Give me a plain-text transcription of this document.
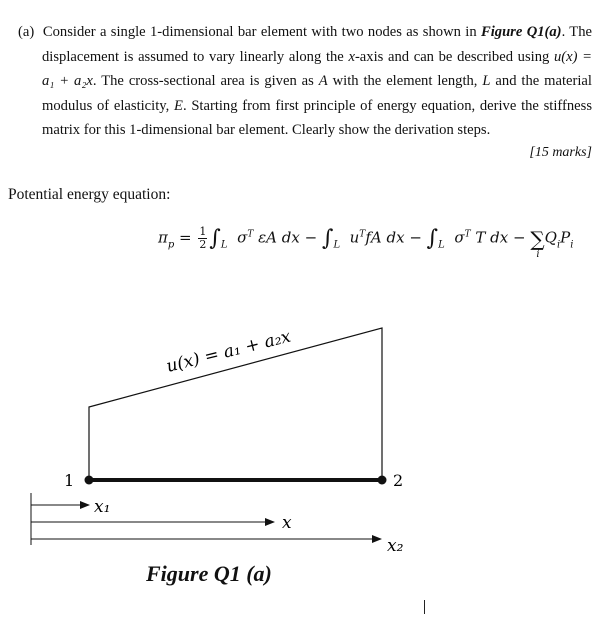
(a) Consider a single 1-dimensional bar element with two nodes as shown in Figure Q1(a). The displacement is assumed to vary linearly along the x-axis and can be described using u(x) = a₁ + a₂x. The cross-sectional area is given as A with the element length, L and the material modulus of elasticity, E. Starting from first principle of energy equation, derive the stiffness matrix for this 1-dimensional bar element. Clearly show the derivation steps.
[15 marks]
Potential energy equation:
$\pi_p = \frac{1}{2} \int_L$ $\sigma^T$ εA dx − $\int_L$ $u^TfA$ dx − $\int_L$ $\sigma^T$ T dx − ∑
i
$Q_iP_i$
u(x) = a₁ + a₂x
1	2
x₁
x
x₂
Figure Q1 (a)
